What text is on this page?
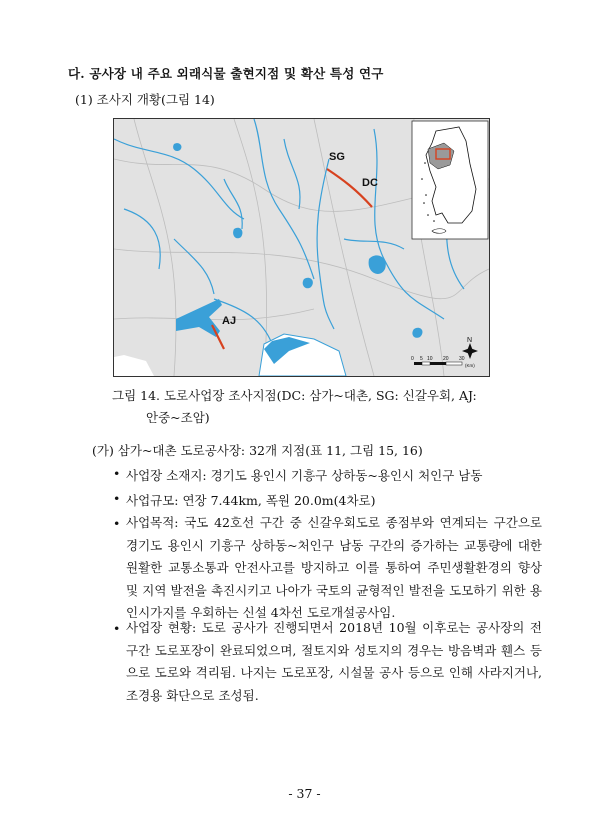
다. 공사장 내 주요 외래식물 출현지점 및 확산 특성 연구
(1) 조사지 개황(그림 14)
SG
DC
AJ
N
0 5 10 20 30
(Km)
그림 14. 도로사업장 조사지점(DC: 삼가~대촌, SG: 신갈우회, AJ:
안중~조암)
(가) 삼가~대촌 도로공사장: 32개 지점(표 11, 그림 15, 16)
• 사업장 소재지: 경기도 용인시 기흥구 상하동~용인시 처인구 남동
• 사업규모: 연장 7.44km, 폭원 20.0m(4차로)
• 사업목적: 국도 42호선 구간 중 신갈우회도로 종점부와 연계되는 구간으로 경기도 용인시 기흥구 상하동~처인구 남동 구간의 증가하는 교통량에 대한 원활한 교통소통과 안전사고를 방지하고 이를 통하여 주민생활환경의 향상 및 지역 발전을 촉진시키고 나아가 국토의 균형적인 발전을 도모하기 위한 용인시가지를 우회하는 신설 4차선 도로개설공사임.
• 사업장 현황: 도로 공사가 진행되면서 2018년 10월 이후로는 공사장의 전 구간 도로포장이 완료되었으며, 절토지와 성토지의 경우는 방음벽과 휀스 등으로 도로와 격리됨. 나지는 도로포장, 시설물 공사 등으로 인해 사라지거나, 조경용 화단으로 조성됨.
- 37 -
